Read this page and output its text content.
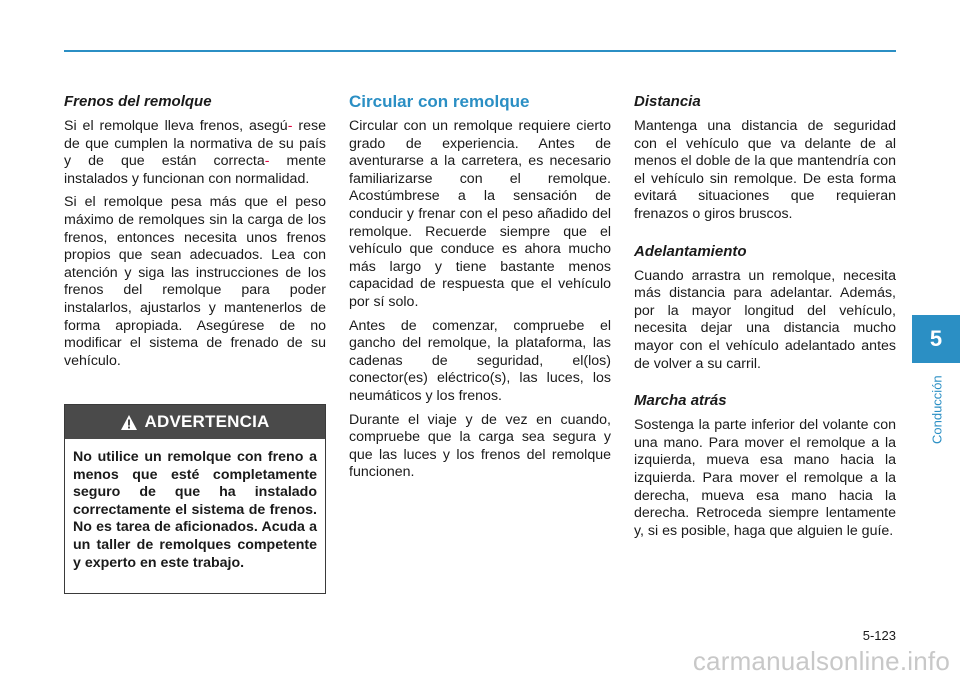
Frenos del remolque

Si el remolque lleva frenos, asegú- rese de que cumplen la normativa de su país y de que están correcta- mente instalados y funcionan con normalidad.

Si el remolque pesa más que el peso máximo de remolques sin la carga de los frenos, entonces necesita unos frenos propios que sean adecuados. Lea con atención y siga las instrucciones de los frenos del remolque para poder instalarlos, ajustarlos y mantenerlos de forma apropiada. Asegúrese de no modificar el sistema de frenado de su vehículo.

ADVERTENCIA
No utilice un remolque con freno a menos que esté completamente seguro de que ha instalado correctamente el sistema de frenos. No es tarea de aficionados. Acuda a un taller de remolques competente y experto en este trabajo.
Circular con remolque

Circular con un remolque requiere cierto grado de experiencia. Antes de aventurarse a la carretera, es necesario familiarizarse con el remolque. Acostúmbrese a la sensación de conducir y frenar con el peso añadido del remolque. Recuerde siempre que el vehículo que conduce es ahora mucho más largo y tiene bastante menos capacidad de respuesta que el vehículo por sí solo.

Antes de comenzar, compruebe el gancho del remolque, la plataforma, las cadenas de seguridad, el(los) conector(es) eléctrico(s), las luces, los neumáticos y los frenos.

Durante el viaje y de vez en cuando, compruebe que la carga sea segura y que las luces y los frenos del remolque funcionen.

Distancia

Mantenga una distancia de seguridad con el vehículo que va delante de al menos el doble de la que mantendría con el vehículo sin remolque. De esta forma evitará situaciones que requieran frenazos o giros bruscos.

Adelantamiento

Cuando arrastra un remolque, necesita más distancia para adelantar. Además, por la mayor longitud del vehículo, necesita dejar una distancia mucho mayor con el vehículo adelantado antes de volver a su carril.

Marcha atrás

Sostenga la parte inferior del volante con una mano. Para mover el remolque a la izquierda, mueva esa mano hacia la izquierda. Para mover el remolque a la derecha, mueva esa mano hacia la derecha. Retroceda siempre lentamente y, si es posible, haga que alguien le guíe.

5
Conducción
5-123
carmanualsonline.info
